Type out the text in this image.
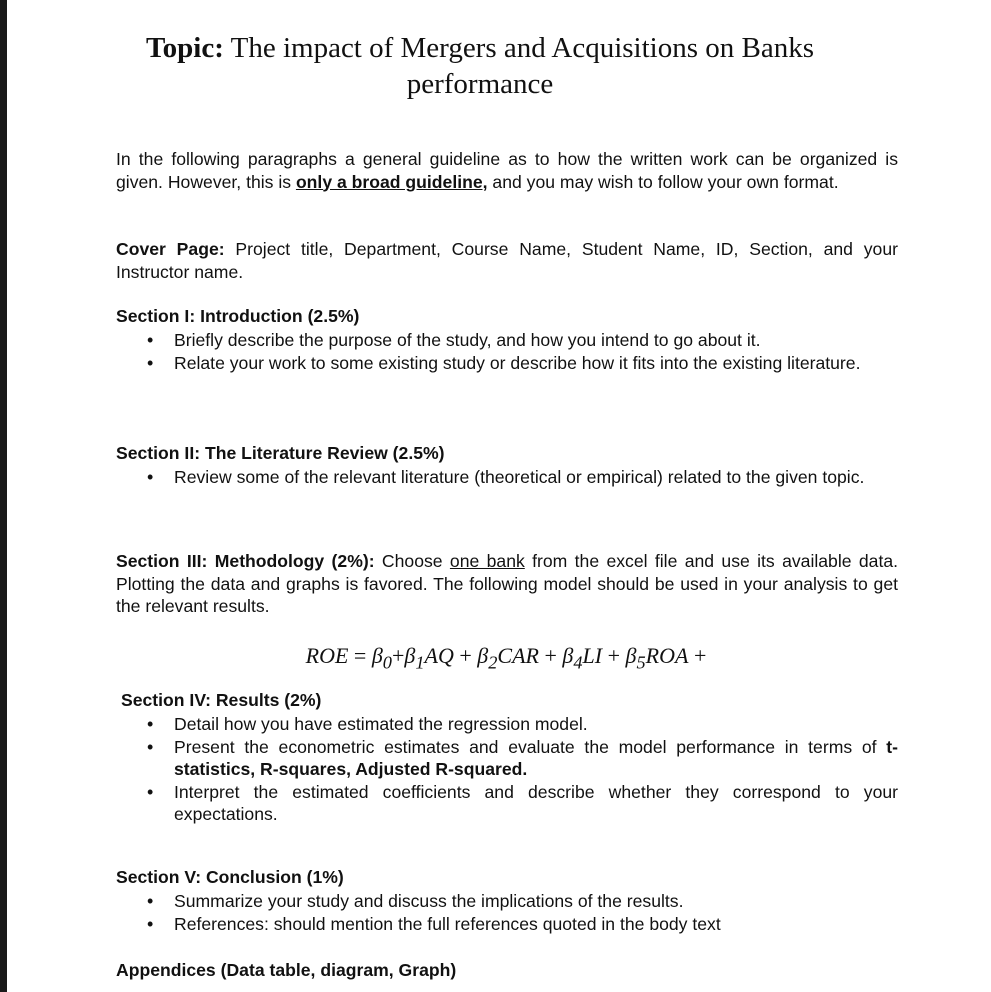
Topic: The impact of Mergers and Acquisitions on Banks
performance
In the following paragraphs a general guideline as to how the written work can be organized is given. However, this is only a broad guideline, and you may wish to follow your own format.
Cover Page: Project title, Department, Course Name, Student Name, ID, Section, and your Instructor name.
Section I: Introduction (2.5%)
• Briefly describe the purpose of the study, and how you intend to go about it.
• Relate your work to some existing study or describe how it fits into the existing literature.
Section II: The Literature Review (2.5%)
• Review some of the relevant literature (theoretical or empirical) related to the given topic.
Section III: Methodology (2%): Choose one bank from the excel file and use its available data. Plotting the data and graphs is favored. The following model should be used in your analysis to get the relevant results.
ROE = $\beta_0+\beta_1AQ + \beta_2CAR + \beta_4LI + \beta_5ROA$ +
Section IV: Results (2%)
• Detail how you have estimated the regression model.
• Present the econometric estimates and evaluate the model performance in terms of t-statistics, R-squares, Adjusted R-squared.
• Interpret the estimated coefficients and describe whether they correspond to your expectations.
Section V: Conclusion (1%)
• Summarize your study and discuss the implications of the results.
• References: should mention the full references quoted in the body text
Appendices (Data table, diagram, Graph)
